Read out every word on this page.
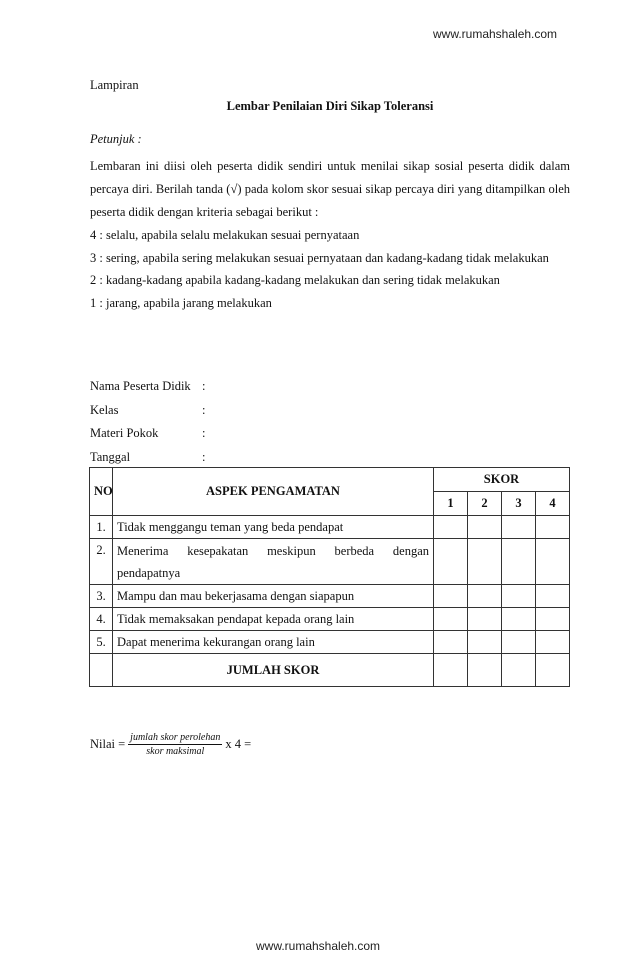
www.rumahshaleh.com
Lampiran
Lembar Penilaian Diri Sikap Toleransi
Petunjuk :
Lembaran ini diisi oleh peserta didik sendiri untuk menilai sikap sosial peserta didik dalam percaya diri. Berilah tanda (√) pada kolom skor sesuai sikap percaya diri yang ditampilkan oleh peserta didik dengan kriteria sebagai berikut :
4 : selalu, apabila selalu melakukan sesuai pernyataan
3 : sering, apabila sering melakukan sesuai pernyataan dan kadang-kadang tidak melakukan
2 : kadang-kadang apabila kadang-kadang melakukan dan sering tidak melakukan
1 : jarang, apabila jarang melakukan
Nama Peserta Didik :
Kelas	:
Materi Pokok	:
Tanggal	:
NO	ASPEK PENGAMATAN	SKOR			
		1	2	3	4
1.	Tidak menggangu teman yang beda pendapat				
2.	Menerima kesepakatan meskipun berbeda dengan
pendapatnya				

3.	Mampu dan mau bekerjasama dengan siapapun				
4.	Tidak memaksakan pendapat kepada orang lain				
5.	Dapat menerima kekurangan orang lain				
	JUMLAH SKOR				
Nilai = $\frac{\text{jumlah skor perolehan}}{\text{skor maksimal}}$ x 4 =
www.rumahshaleh.com
